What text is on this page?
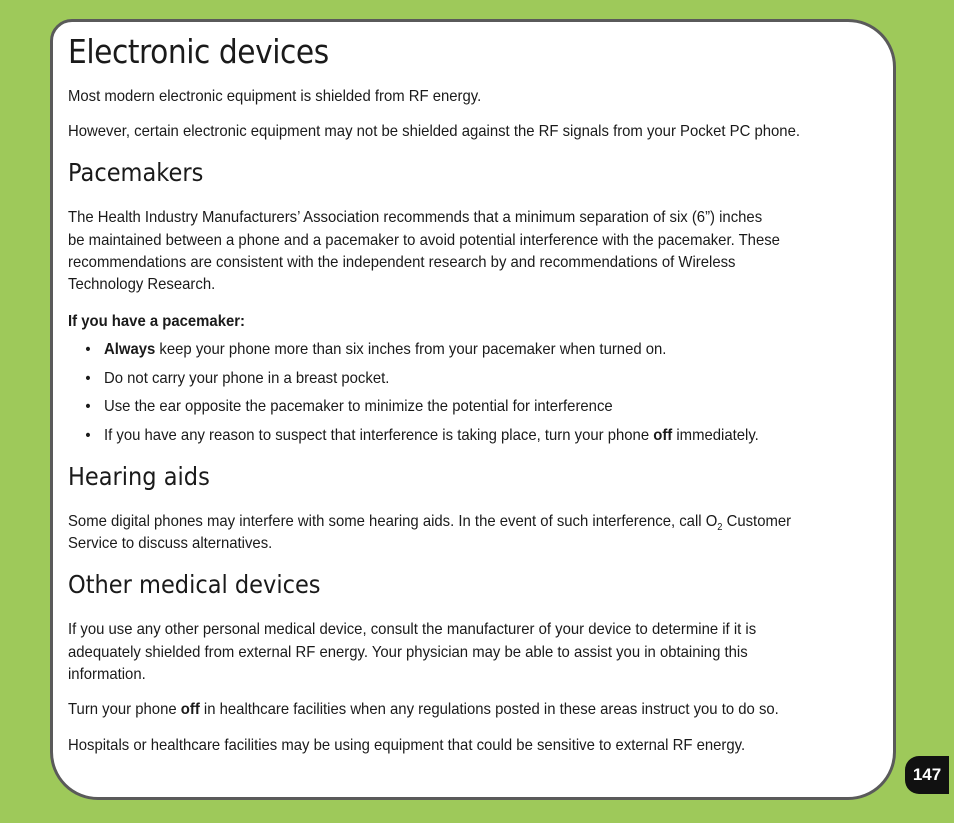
Electronic devices

Most modern electronic equipment is shielded from RF energy.

However, certain electronic equipment may not be shielded against the RF signals from your Pocket PC phone.

Pacemakers

The Health Industry Manufacturers’ Association recommends that a minimum separation of six (6”) inches

be maintained between a phone and a pacemaker to avoid potential interference with the pacemaker. These

recommendations are consistent with the independent research by and recommendations of Wireless

Technology Research.

If you have a pacemaker:

• Always keep your phone more than six inches from your pacemaker when turned on.
• Do not carry your phone in a breast pocket.
• Use the ear opposite the pacemaker to minimize the potential for interference
• If you have any reason to suspect that interference is taking place, turn your phone off immediately.
Hearing aids

Some digital phones may interfere with some hearing aids. In the event of such interference, call $O_2$ Customer

Service to discuss alternatives.

Other medical devices

If you use any other personal medical device, consult the manufacturer of your device to determine if it is

adequately shielded from external RF energy. Your physician may be able to assist you in obtaining this

information.

Turn your phone off in healthcare facilities when any regulations posted in these areas instruct you to do so.

Hospitals or healthcare facilities may be using equipment that could be sensitive to external RF energy.

147
